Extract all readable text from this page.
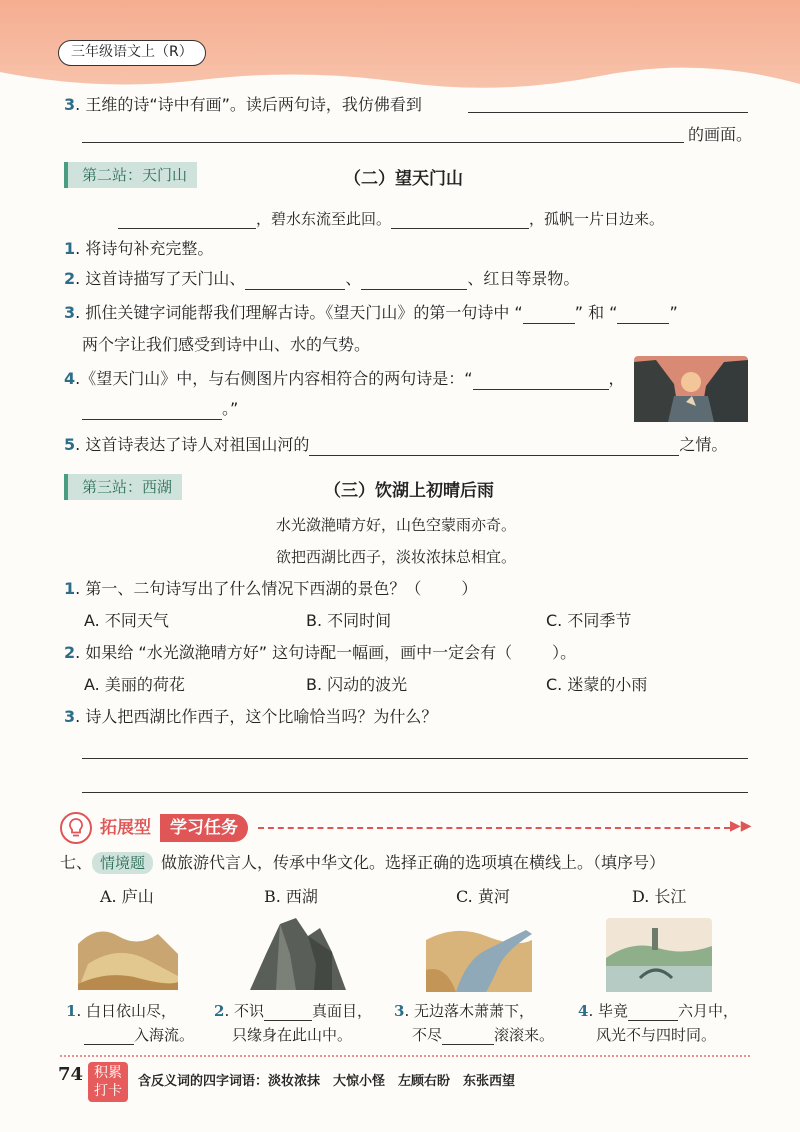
三年级语文上（R）
3. 王维的诗“诗中有画”。读后两句诗，我仿佛看到
的画面。
第二站：天门山	（二）望天门山
，碧水东流至此回。	，孤帆一片日边来。
1. 将诗句补充完整。
2. 这首诗描写了天门山、	、	、红日等景物。
3. 抓住关键字词能帮我们理解古诗。《望天门山》的第一句诗中 “	” 和 “	”
两个字让我们感受到诗中山、水的气势。
4.《望天门山》中，与右侧图片内容相符合的两句诗是：“	，
。”
5. 这首诗表达了诗人对祖国山河的	之情。
第三站：西湖	（三）饮湖上初晴后雨
水光潋滟晴方好，山色空蒙雨亦奇。
欲把西湖比西子，淡妆浓抹总相宜。
1. 第一、二句诗写出了什么情况下西湖的景色？（	）
A. 不同天气	B. 不同时间	C. 不同季节
2. 如果给 “水光潋滟晴方好” 这句诗配一幅画，画中一定会有（	）。
A. 美丽的荷花	B. 闪动的波光	C. 迷蒙的小雨
3. 诗人把西湖比作西子，这个比喻恰当吗？为什么？
拓展型	学习任务	▶▶
七、 情境题 做旅游代言人，传承中华文化。选择正确的选项填在横线上。（填序号）
A. 庐山	B. 西湖	C. 黄河	D. 长江
1. 白日依山尽，
入海流。
2. 不识	真面目，
只缘身在此山中。
3. 无边落木萧萧下，
不尽	滚滚来。
4. 毕竟	六月中，
风光不与四时同。
74 积累
打卡
含反义词的四字词语：淡妆浓抹　大惊小怪　左顾右盼　东张西望
